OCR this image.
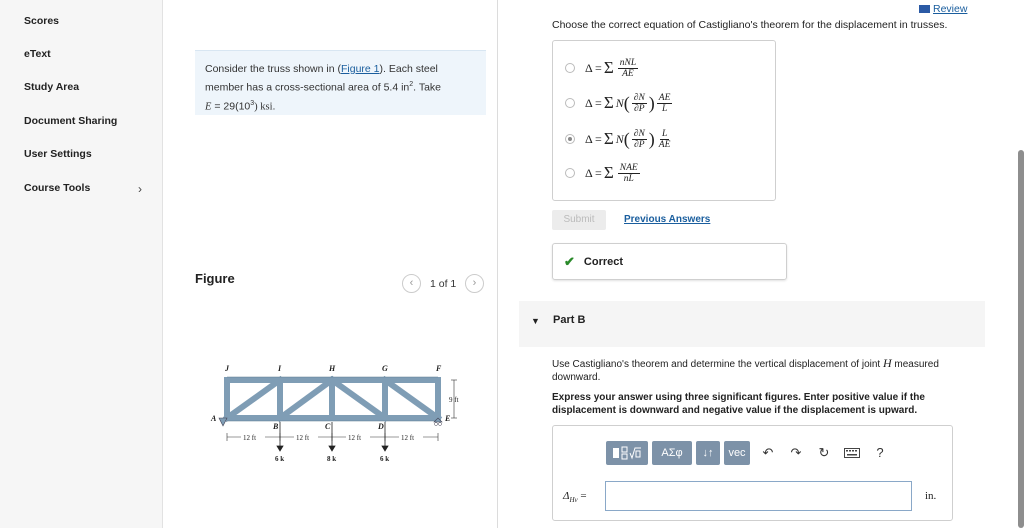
Scores
eText
Study Area
Document Sharing
User Settings
Course Tools	›
Consider the truss shown in (Figure 1). Each steel member has a cross-sectional area of 5.4 $in^2$. Take
$E = 29(10^3)$ ksi.
Figure	‹	1 of 1	›
J	I	H	G	F
A
B	C	D
E
9 ft
12 ft	12 ft	12 ft	12 ft
6 k	8 k	6 k
Review
Choose the correct equation of Castigliano's theorem for the displacement in trusses.
Δ = Σ $\frac{\text{nNL}}{AE}$
Δ = Σ N ( $\frac{\partial N}{\partial P}$ ) $\frac{AE}{L}$
Δ = Σ N ( $\frac{\partial N}{\partial P}$ ) $\frac{L}{AE}$
Δ = Σ $\frac{\text{NAE}}{nL}$
Submit	Previous Answers
✔ Correct
▼ Part B
Use Castigliano's theorem and determine the vertical displacement of joint H measured downward.
Express your answer using three significant figures. Enter positive value if the displacement is downward and negative value if the displacement is upward.
ΑΣφ	↓↑	vec	↶	↷	↻	?
$\Delta_{Hv}$ =	in.
